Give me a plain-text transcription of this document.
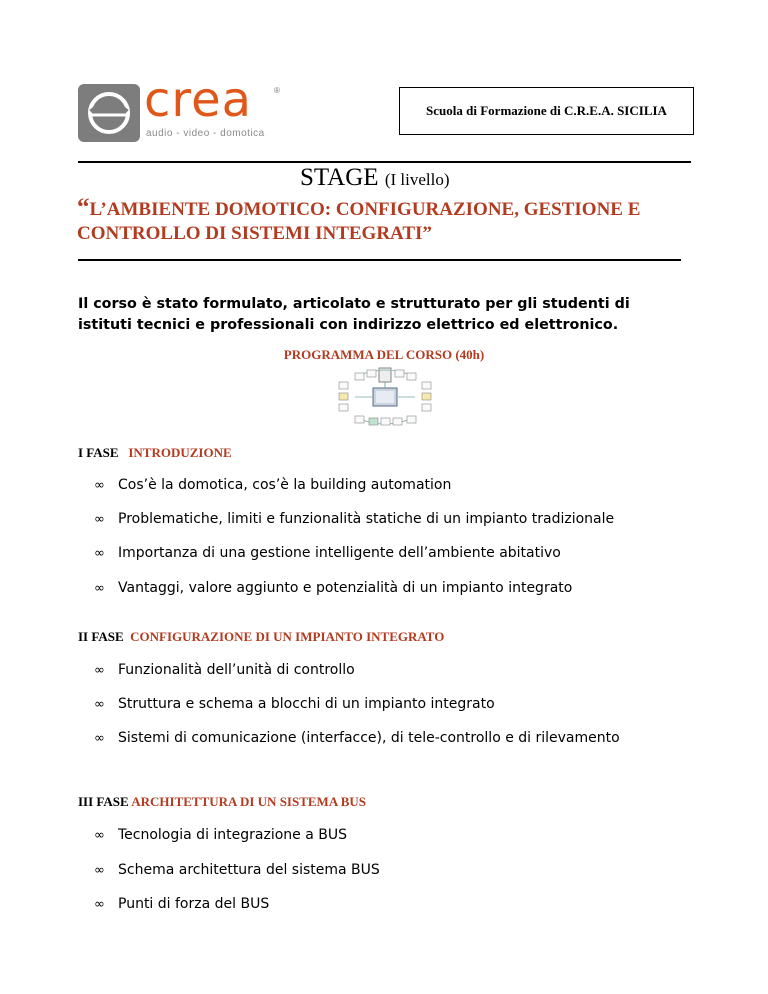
crea	®
audio - video - domotica
Scuola di Formazione di C.R.E.A. SICILIA
STAGE (I livello)
“L’AMBIENTE DOMOTICO: CONFIGURAZIONE, GESTIONE E
CONTROLLO DI SISTEMI INTEGRATI”
Il corso è stato formulato, articolato e strutturato per gli studenti di
istituti tecnici e professionali con indirizzo elettrico ed elettronico.
PROGRAMMA DEL CORSO (40h)
I FASE INTRODUZIONE
∞ Cos’è la domotica, cos’è la building automation
∞ Problematiche, limiti e funzionalità statiche di un impianto tradizionale
∞ Importanza di una gestione intelligente dell’ambiente abitativo
∞ Vantaggi, valore aggiunto e potenzialità di un impianto integrato
II FASE CONFIGURAZIONE DI UN IMPIANTO INTEGRATO
∞ Funzionalità dell’unità di controllo
∞ Struttura e schema a blocchi di un impianto integrato
∞ Sistemi di comunicazione (interfacce), di tele-controllo e di rilevamento
III FASE ARCHITETTURA DI UN SISTEMA BUS
∞ Tecnologia di integrazione a BUS
∞ Schema architettura del sistema BUS
∞ Punti di forza del BUS
